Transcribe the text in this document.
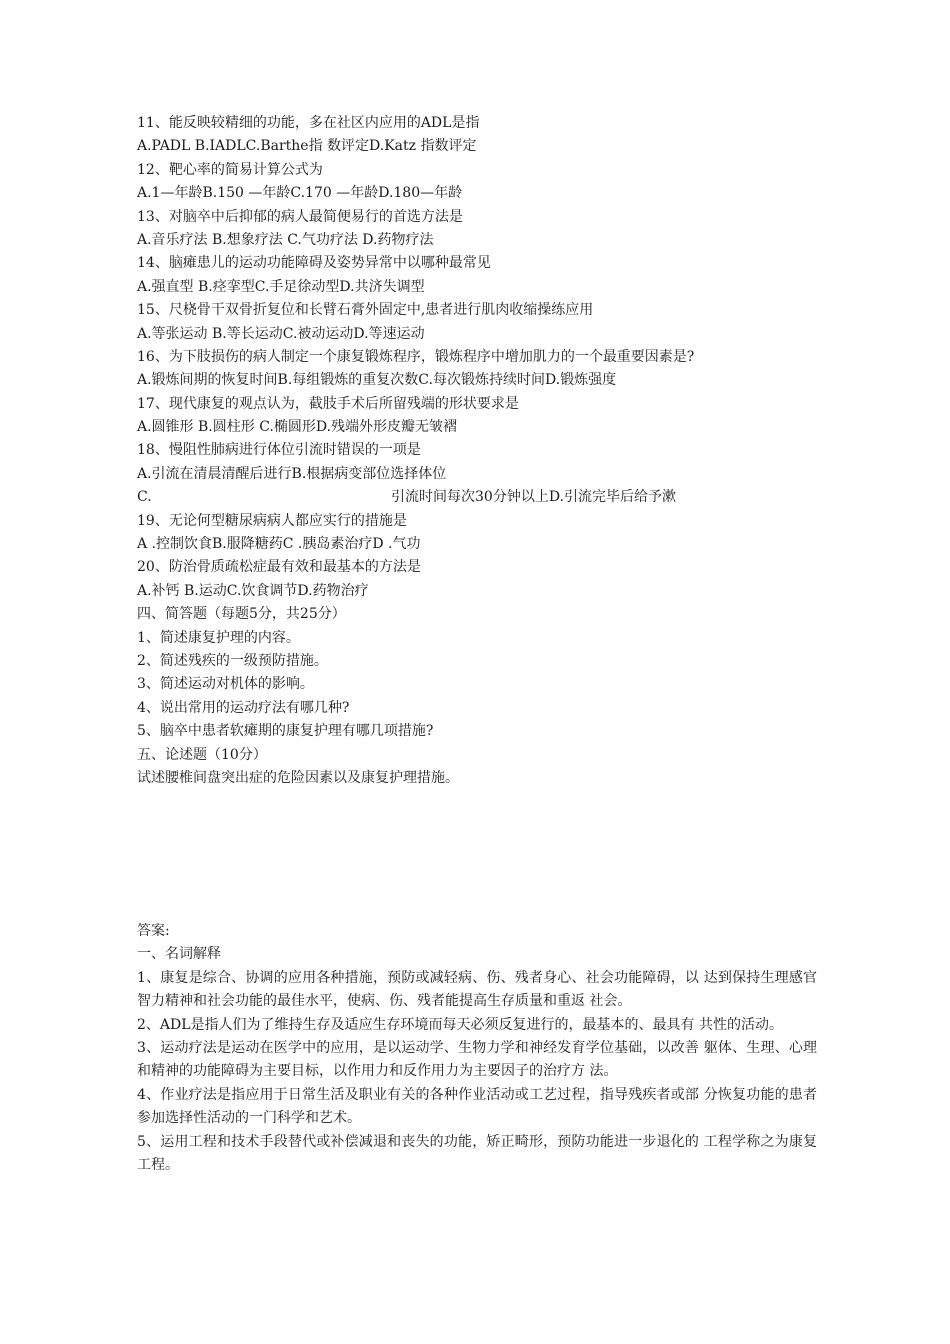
11、能反映较精细的功能，多在社区内应用的ADL是指
A.PADL B.IADLC.Barthe指 数评定D.Katz 指数评定
12、靶心率的简易计算公式为
A.1—年龄B.150 —年龄C.170 —年龄D.180—年龄
13、对脑卒中后抑郁的病人最简便易行的首选方法是
A.音乐疗法 B.想象疗法 C.气功疗法 D.药物疗法
14、脑瘫患儿的运动功能障碍及姿势异常中以哪种最常见
A.强直型 B.痉挛型C.手足徐动型D.共济失调型
15、尺桡骨干双骨折复位和长臂石膏外固定中,患者进行肌肉收缩操练应用
A.等张运动 B.等长运动C.被动运动D.等速运动
16、为下肢损伤的病人制定一个康复锻炼程序，锻炼程序中增加肌力的一个最重要因素是?
A.锻炼间期的恢复时间B.每组锻炼的重复次数C.每次锻炼持续时间D.锻炼强度
17、现代康复的观点认为，截肢手术后所留残端的形状要求是
A.圆锥形 B.圆柱形 C.椭圆形D.残端外形皮瓣无皱褶
18、慢阻性肺病进行体位引流时错误的一项是
A.引流在清晨清醒后进行B.根据病变部位选择体位
C.	引流时间每次30分钟以上D.引流完毕后给予漱
19、无论何型糖尿病病人都应实行的措施是
A .控制饮食B.服降糖药C .胰岛素治疗D .气功
20、防治骨质疏松症最有效和最基本的方法是
A.补钙 B.运动C.饮食调节D.药物治疗
四、简答题（每题5分，共25分）
1、简述康复护理的内容。
2、简述残疾的一级预防措施。
3、简述运动对机体的影响。
4、说出常用的运动疗法有哪几种?
5、脑卒中患者软瘫期的康复护理有哪几项措施?
五、论述题（10分）
试述腰椎间盘突出症的危险因素以及康复护理措施。
答案:
一、名词解释
1、康复是综合、协调的应用各种措施，预防或减轻病、伤、残者身心、社会功能障碍，以 达到保持生理感官智力精神和社会功能的最佳水平，使病、伤、残者能提高生存质量和重返 社会。
2、ADL是指人们为了维持生存及适应生存环境而每天必须反复进行的，最基本的、最具有 共性的活动。
3、运动疗法是运动在医学中的应用，是以运动学、生物力学和神经发育学位基础，以改善 躯体、生理、心理和精神的功能障碍为主要目标，以作用力和反作用力为主要因子的治疗方 法。
4、作业疗法是指应用于日常生活及职业有关的各种作业活动或工艺过程，指导残疾者或部 分恢复功能的患者参加选择性活动的一门科学和艺术。
5、运用工程和技术手段替代或补偿减退和丧失的功能，矫正畸形，预防功能进一步退化的 工程学称之为康复工程。
